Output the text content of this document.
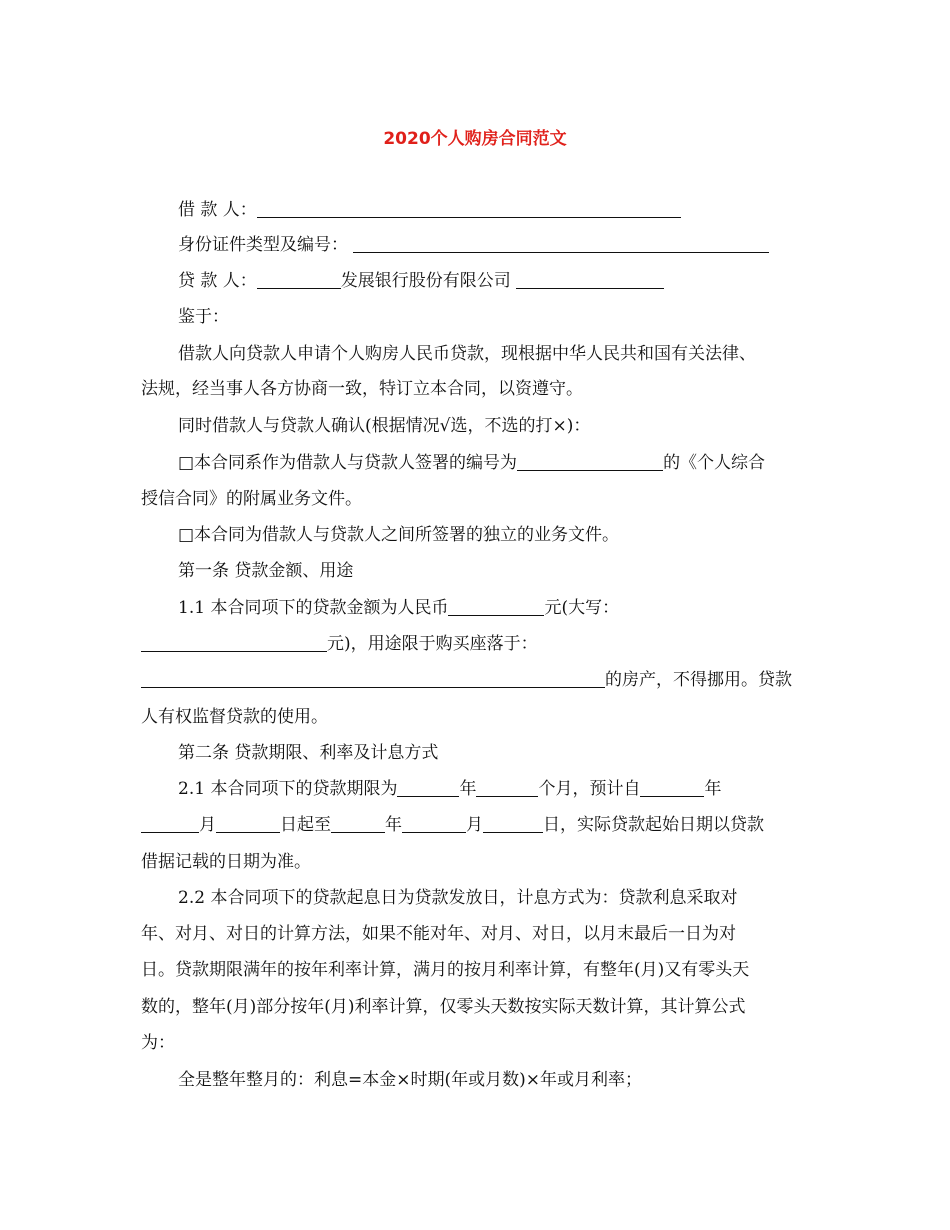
2020个人购房合同范文
借 款 人：
身份证件类型及编号：
贷 款 人：	发展银行股份有限公司
鉴于：
借款人向贷款人申请个人购房人民币贷款，现根据中华人民共和国有关法律、
法规，经当事人各方协商一致，特订立本合同，以资遵守。
同时借款人与贷款人确认(根据情况√选，不选的打×)：
□本合同系作为借款人与贷款人签署的编号为	的《个人综合
授信合同》的附属业务文件。
□本合同为借款人与贷款人之间所签署的独立的业务文件。
第一条 贷款金额、用途
1.1 本合同项下的贷款金额为人民币	元(大写：
元)，用途限于购买座落于：
的房产，不得挪用。贷款
人有权监督贷款的使用。
第二条 贷款期限、利率及计息方式
2.1 本合同项下的贷款期限为	年	个月，预计自	年
月	日起至	年	月	日，实际贷款起始日期以贷款
借据记载的日期为准。
2.2 本合同项下的贷款起息日为贷款发放日，计息方式为：贷款利息采取对
年、对月、对日的计算方法，如果不能对年、对月、对日，以月末最后一日为对
日。贷款期限满年的按年利率计算，满月的按月利率计算，有整年(月)又有零头天
数的，整年(月)部分按年(月)利率计算，仅零头天数按实际天数计算，其计算公式
为：
全是整年整月的：利息=本金×时期(年或月数)×年或月利率；
